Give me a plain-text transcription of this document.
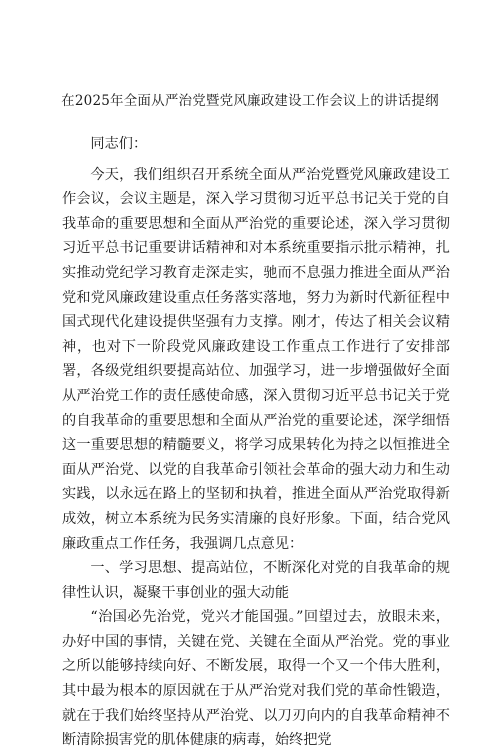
在2025年全面从严治党暨党风廉政建设工作会议上的讲话提纲

同志们：

今天，我们组织召开系统全面从严治党暨党风廉政建设工作会议，会议主题是，深入学习贯彻习近平总书记关于党的自我革命的重要思想和全面从严治党的重要论述，深入学习贯彻习近平总书记重要讲话精神和对本系统重要指示批示精神，扎实推动党纪学习教育走深走实，驰而不息强力推进全面从严治党和党风廉政建设重点任务落实落地，努力为新时代新征程中国式现代化建设提供坚强有力支撑。刚才，传达了相关会议精神，也对下一阶段党风廉政建设工作重点工作进行了安排部署，各级党组织要提高站位、加强学习，进一步增强做好全面从严治党工作的责任感使命感，深入贯彻习近平总书记关于党的自我革命的重要思想和全面从严治党的重要论述，深学细悟这一重要思想的精髓要义，将学习成果转化为持之以恒推进全面从严治党、以党的自我革命引领社会革命的强大动力和生动实践，以永远在路上的坚韧和执着，推进全面从严治党取得新成效，树立本系统为民务实清廉的良好形象。下面，结合党风廉政重点工作任务，我强调几点意见：

一、学习思想、提高站位，不断深化对党的自我革命的规律性认识，凝聚干事创业的强大动能

“治国必先治党，党兴才能国强。”回望过去，放眼未来，办好中国的事情，关键在党、关键在全面从严治党。党的事业之所以能够持续向好、不断发展，取得一个又一个伟大胜利，其中最为根本的原因就在于从严治党对我们党的革命性锻造，就在于我们始终坚持从严治党、以刀刃向内的自我革命精神不断清除损害党的肌体健康的病毒，始终把党
